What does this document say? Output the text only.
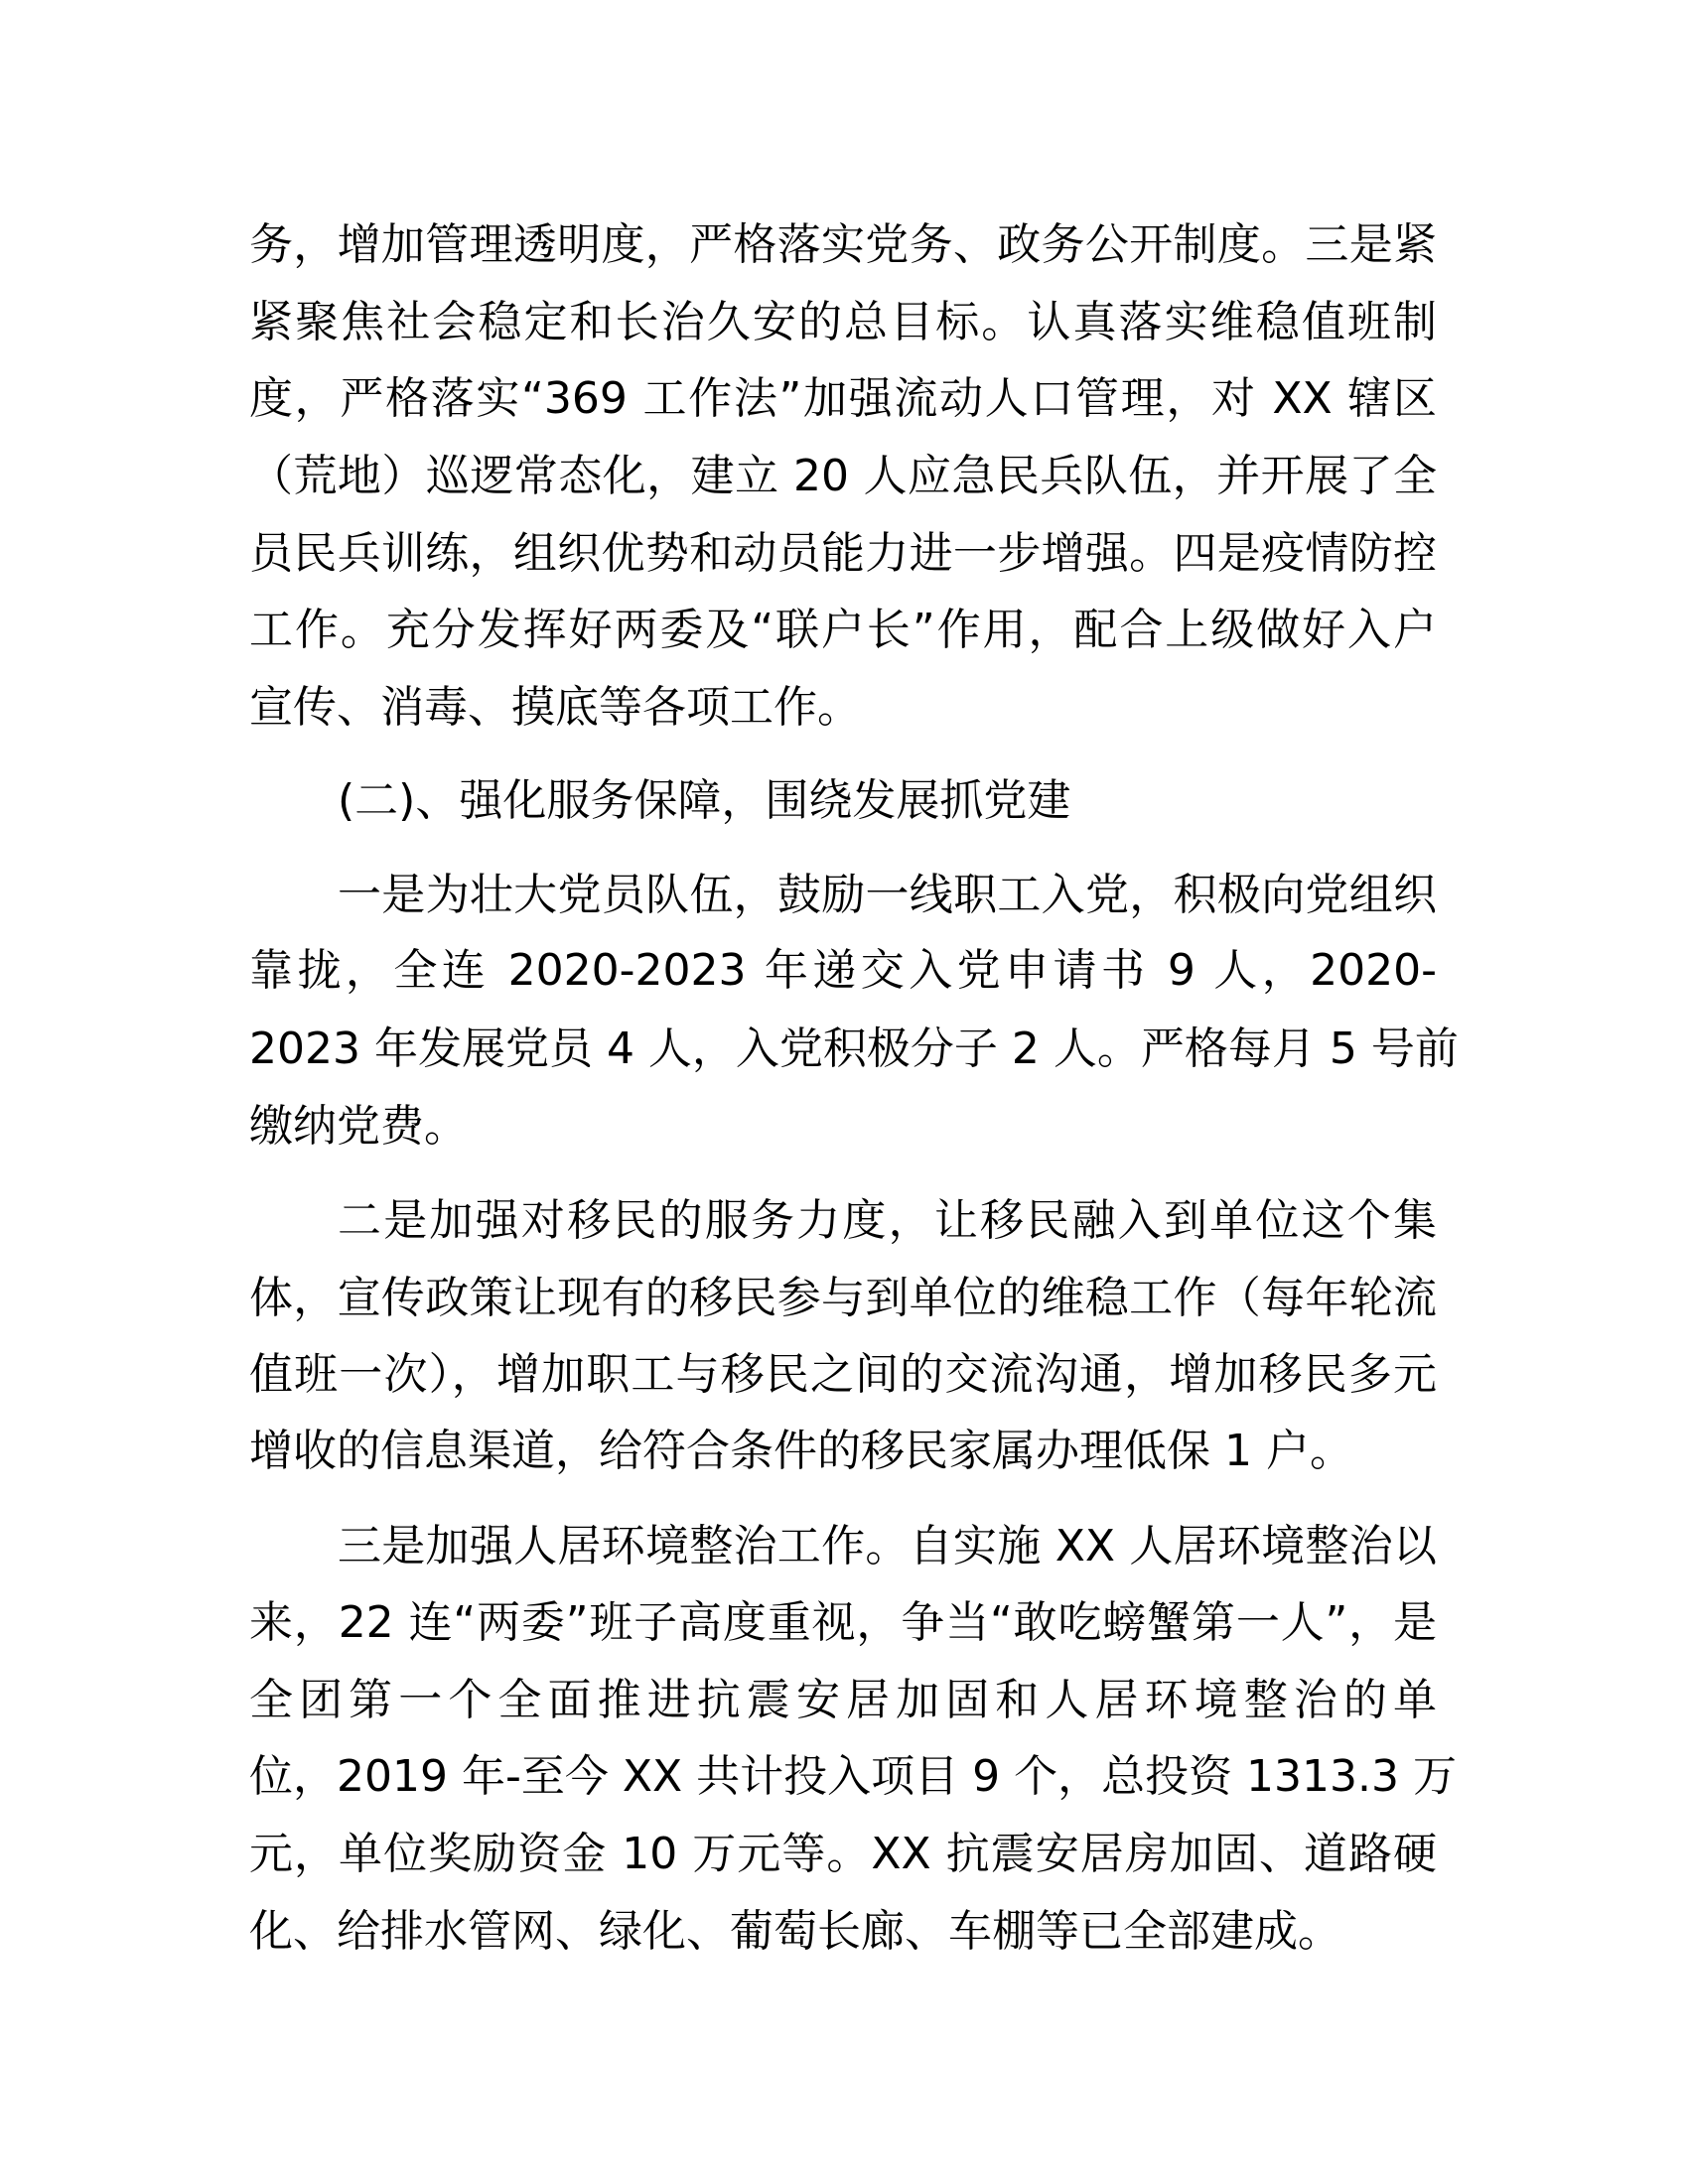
务，增加管理透明度，严格落实党务、政务公开制度。三是紧
紧聚焦社会稳定和长治久安的总目标。认真落实维稳值班制
度，严格落实“369 工作法”加强流动人口管理，对 XX 辖区
（荒地）巡逻常态化，建立 20 人应急民兵队伍，并开展了全
员民兵训练，组织优势和动员能力进一步增强。四是疫情防控
工作。充分发挥好两委及“联户长”作用，配合上级做好入户
宣传、消毒、摸底等各项工作。
(二)、强化服务保障，围绕发展抓党建
一是为壮大党员队伍，鼓励一线职工入党，积极向党组织
靠拢，全连 2020-2023 年递交入党申请书 9 人，2020-
2023 年发展党员 4 人，入党积极分子 2 人。严格每月 5 号前
缴纳党费。
二是加强对移民的服务力度，让移民融入到单位这个集
体，宣传政策让现有的移民参与到单位的维稳工作（每年轮流
值班一次），增加职工与移民之间的交流沟通，增加移民多元
增收的信息渠道，给符合条件的移民家属办理低保 1 户。
三是加强人居环境整治工作。自实施 XX 人居环境整治以
来，22 连“两委”班子高度重视，争当“敢吃螃蟹第一人”，是
全团第一个全面推进抗震安居加固和人居环境整治的单
位，2019 年-至今 XX 共计投入项目 9 个，总投资 1313.3 万
元，单位奖励资金 10 万元等。XX 抗震安居房加固、道路硬
化、给排水管网、绿化、葡萄长廊、车棚等已全部建成。
